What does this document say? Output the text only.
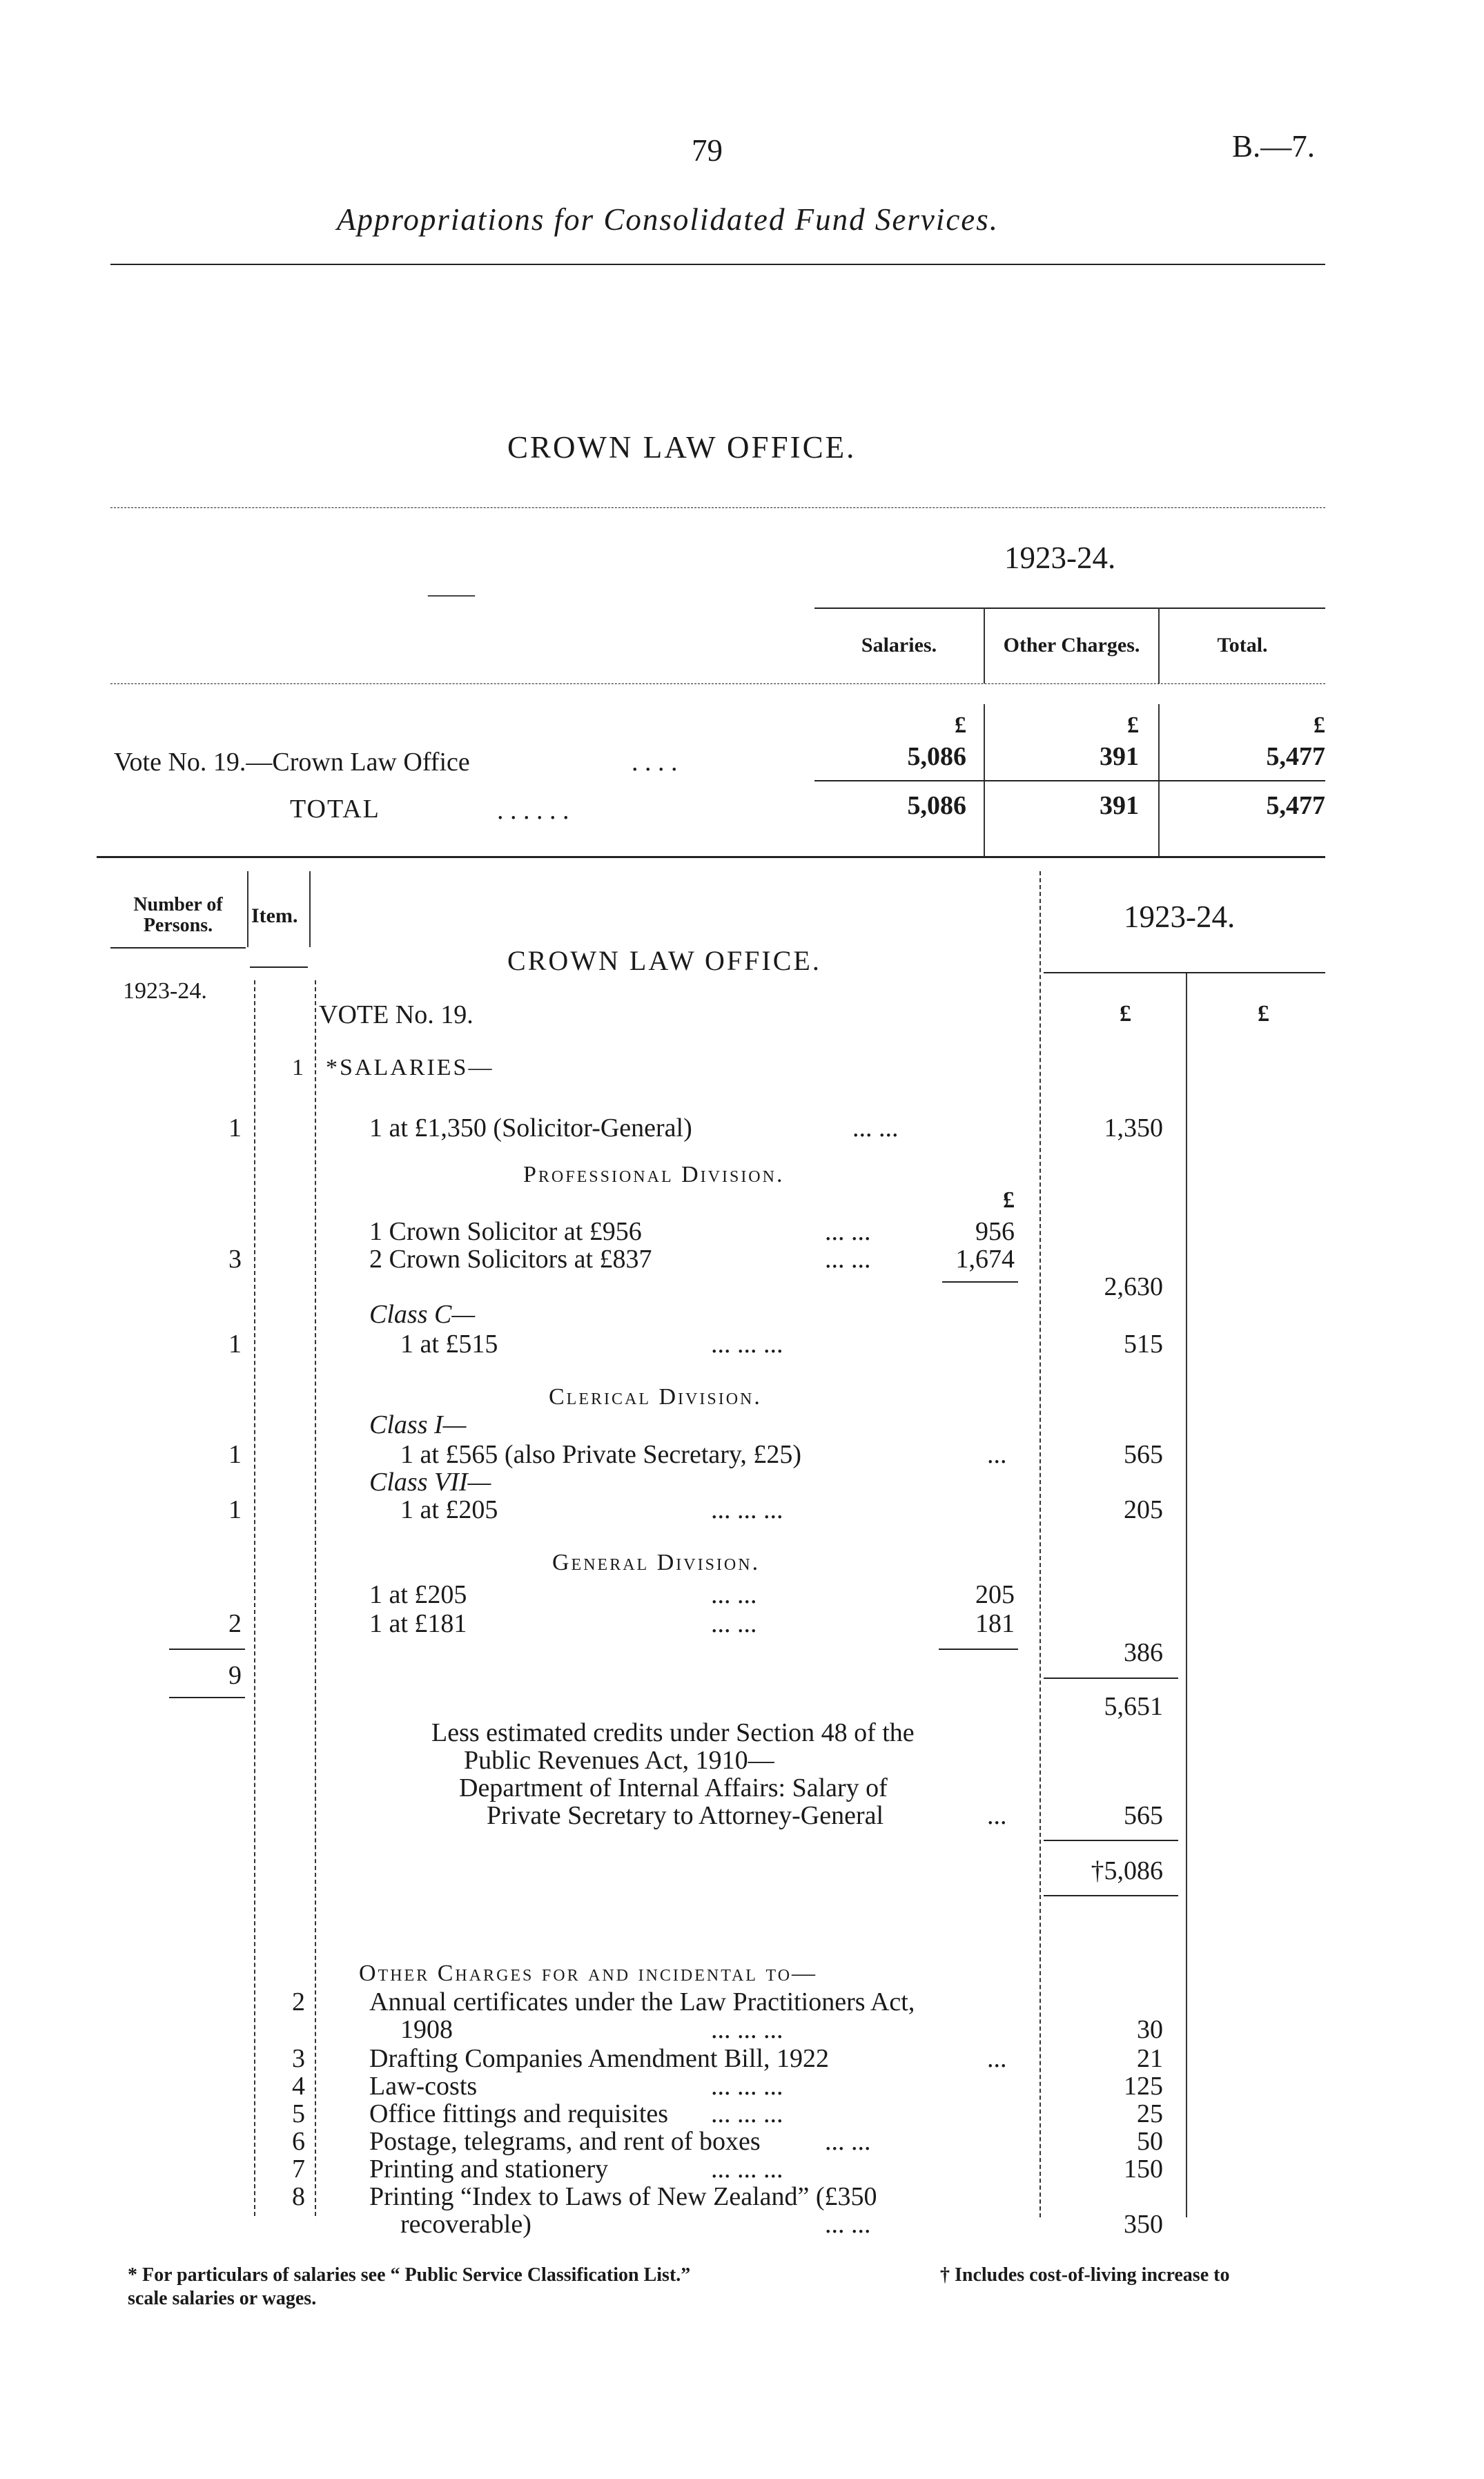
79	B.—7.
Appropriations for Consolidated Fund Services.
CROWN LAW OFFICE.
1923-24.
——
Salaries.	Other Charges.	Total.
£	£	£
Vote No. 19.—Crown Law Office	. . . .	5,086	391	5,477
TOTAL	. . . . . .	5,086	391	5,477
Number of Persons.	Item.
1923-24.
CROWN LAW OFFICE.
1923-24.
£	£
VOTE No. 19.
1 *SALARIES—
1	1 at £1,350 (Solicitor-General)	... ...	1,350
Professional Division.
£
1 Crown Solicitor at £956	... ...	956
3	2 Crown Solicitors at £837	... ...	1,674
2,630
Class C—
1	1 at £515	... ... ...	515
Clerical Division.
Class I—
1	1 at £565 (also Private Secretary, £25)	...	565
Class VII—
1	1 at £205	... ... ...	205
General Division.
1 at £205	... ...	205
2	1 at £181	... ...	181
386
9
5,651
Less estimated credits under Section 48 of the
Public Revenues Act, 1910—
Department of Internal Affairs: Salary of
Private Secretary to Attorney-General	...	565
†5,086
Other Charges for and incidental to—
2 Annual certificates under the Law Practitioners Act,
1908	... ... ...	30
3 Drafting Companies Amendment Bill, 1922	...	21
4 Law-costs	... ... ...	125
5 Office fittings and requisites ... ... ...	25
6 Postage, telegrams, and rent of boxes ... ...	50
7 Printing and stationery	... ... ...	150
8 Printing “Index to Laws of New Zealand” (£350
recoverable)	... ...	350
* For particulars of salaries see “ Public Service Classification List.”
scale salaries or wages.
† Includes cost-of-living increase to
